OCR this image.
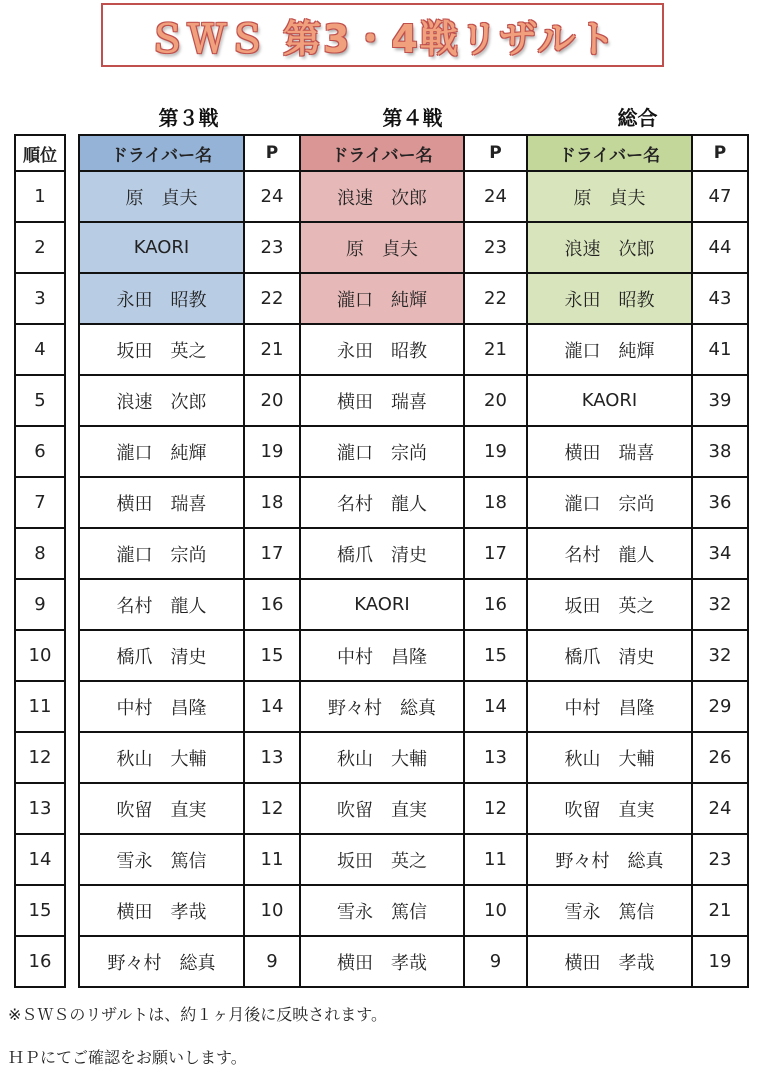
ＳＷＳ 第3・4戦リザルト
第３戦	第４戦	総合
順位		ドライバー名	P	ドライバー名	P	ドライバー名	P
1		原　貞夫	24	浪速　次郎	24	原　貞夫	47
2		KAORI	23	原　貞夫	23	浪速　次郎	44
3		永田　昭教	22	瀧口　純輝	22	永田　昭教	43
4		坂田　英之	21	永田　昭教	21	瀧口　純輝	41
5		浪速　次郎	20	横田　瑞喜	20	KAORI	39
6		瀧口　純輝	19	瀧口　宗尚	19	横田　瑞喜	38
7		横田　瑞喜	18	名村　龍人	18	瀧口　宗尚	36
8		瀧口　宗尚	17	橋爪　清史	17	名村　龍人	34
9		名村　龍人	16	KAORI	16	坂田　英之	32
10		橋爪　清史	15	中村　昌隆	15	橋爪　清史	32
11		中村　昌隆	14	野々村　総真	14	中村　昌隆	29
12		秋山　大輔	13	秋山　大輔	13	秋山　大輔	26
13		吹留　直実	12	吹留　直実	12	吹留　直実	24
14		雪永　篤信	11	坂田　英之	11	野々村　総真	23
15		横田　孝哉	10	雪永　篤信	10	雪永　篤信	21
16		野々村　総真	9	横田　孝哉	9	横田　孝哉	19
※ＳＷＳのリザルトは、約１ヶ月後に反映されます。
ＨＰにてご確認をお願いします。
